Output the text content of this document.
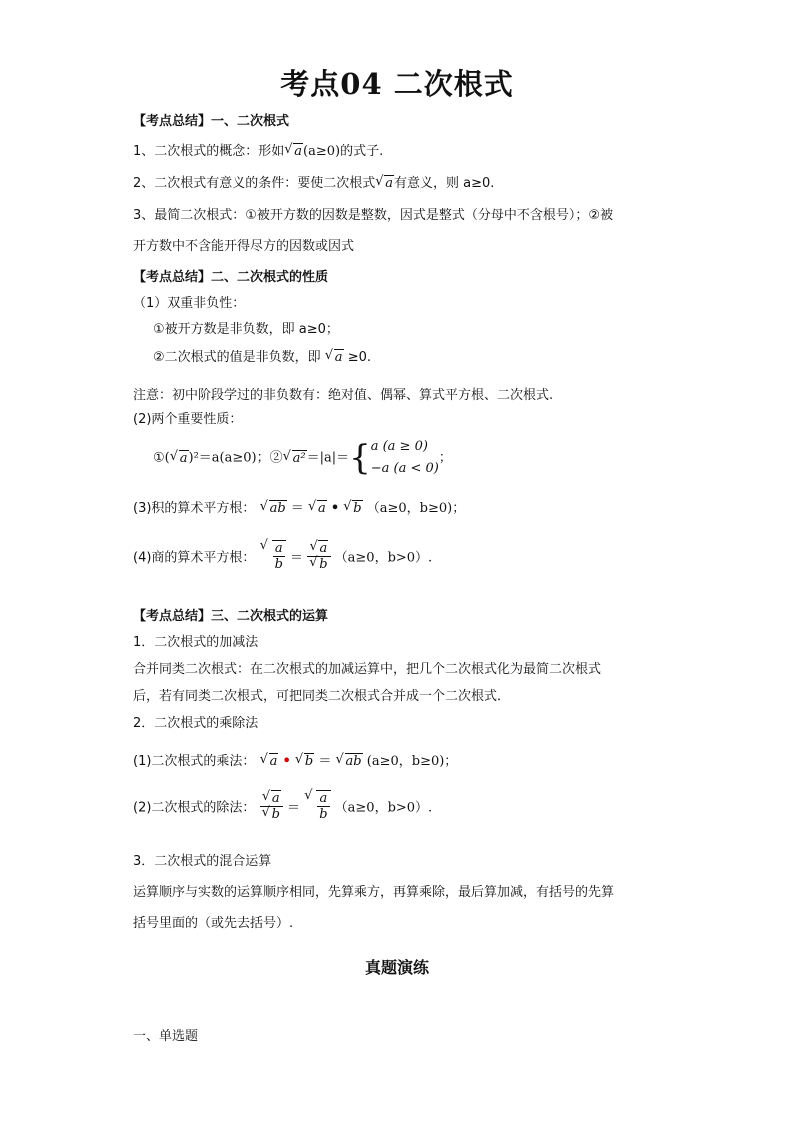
考点04 二次根式
【考点总结】一、二次根式
1、二次根式的概念：形如 √ a(a≥0)的式子.
2、二次根式有意义的条件：要使二次根式 √ a有意义，则 a≥0.
3、最简二次根式：①被开方数的因数是整数，因式是整式（分母中不含根号）；②被
开方数中不含能开得尽方的因数或因式
【考点总结】二、二次根式的性质
（1）双重非负性：
①被开方数是非负数，即 a≥0；
②二次根式的值是非负数，即 √ a ≥0.
注意：初中阶段学过的非负数有：绝对值、偶幂、算式平方根、二次根式.
(2)两个重要性质：
①( √ a)²＝a(a≥0)；② √ a²＝|a|＝{ a (a ≥ 0)
−a (a < 0)
；
(3)积的算术平方根： √ ab ＝ √ a • √ b （a≥0，b≥0)；
(4)商的算术平方根： √ $\frac{a}{b}$ ＝ √ a
√ b （a≥0，b>0）.
【考点总结】三、二次根式的运算
1．二次根式的加减法
合并同类二次根式：在二次根式的加减运算中，把几个二次根式化为最简二次根式
后，若有同类二次根式，可把同类二次根式合并成一个二次根式．
2．二次根式的乘除法
(1)二次根式的乘法： √ a • √ b ＝ √ ab (a≥0，b≥0)；
(2)二次根式的除法： √ a
√ b ＝ √ $\frac{a}{b} (a\ge 0$，b>0）.
3．二次根式的混合运算
运算顺序与实数的运算顺序相同，先算乘方，再算乘除，最后算加减，有括号的先算
括号里面的（或先去括号）.
真题演练
一、单选题
